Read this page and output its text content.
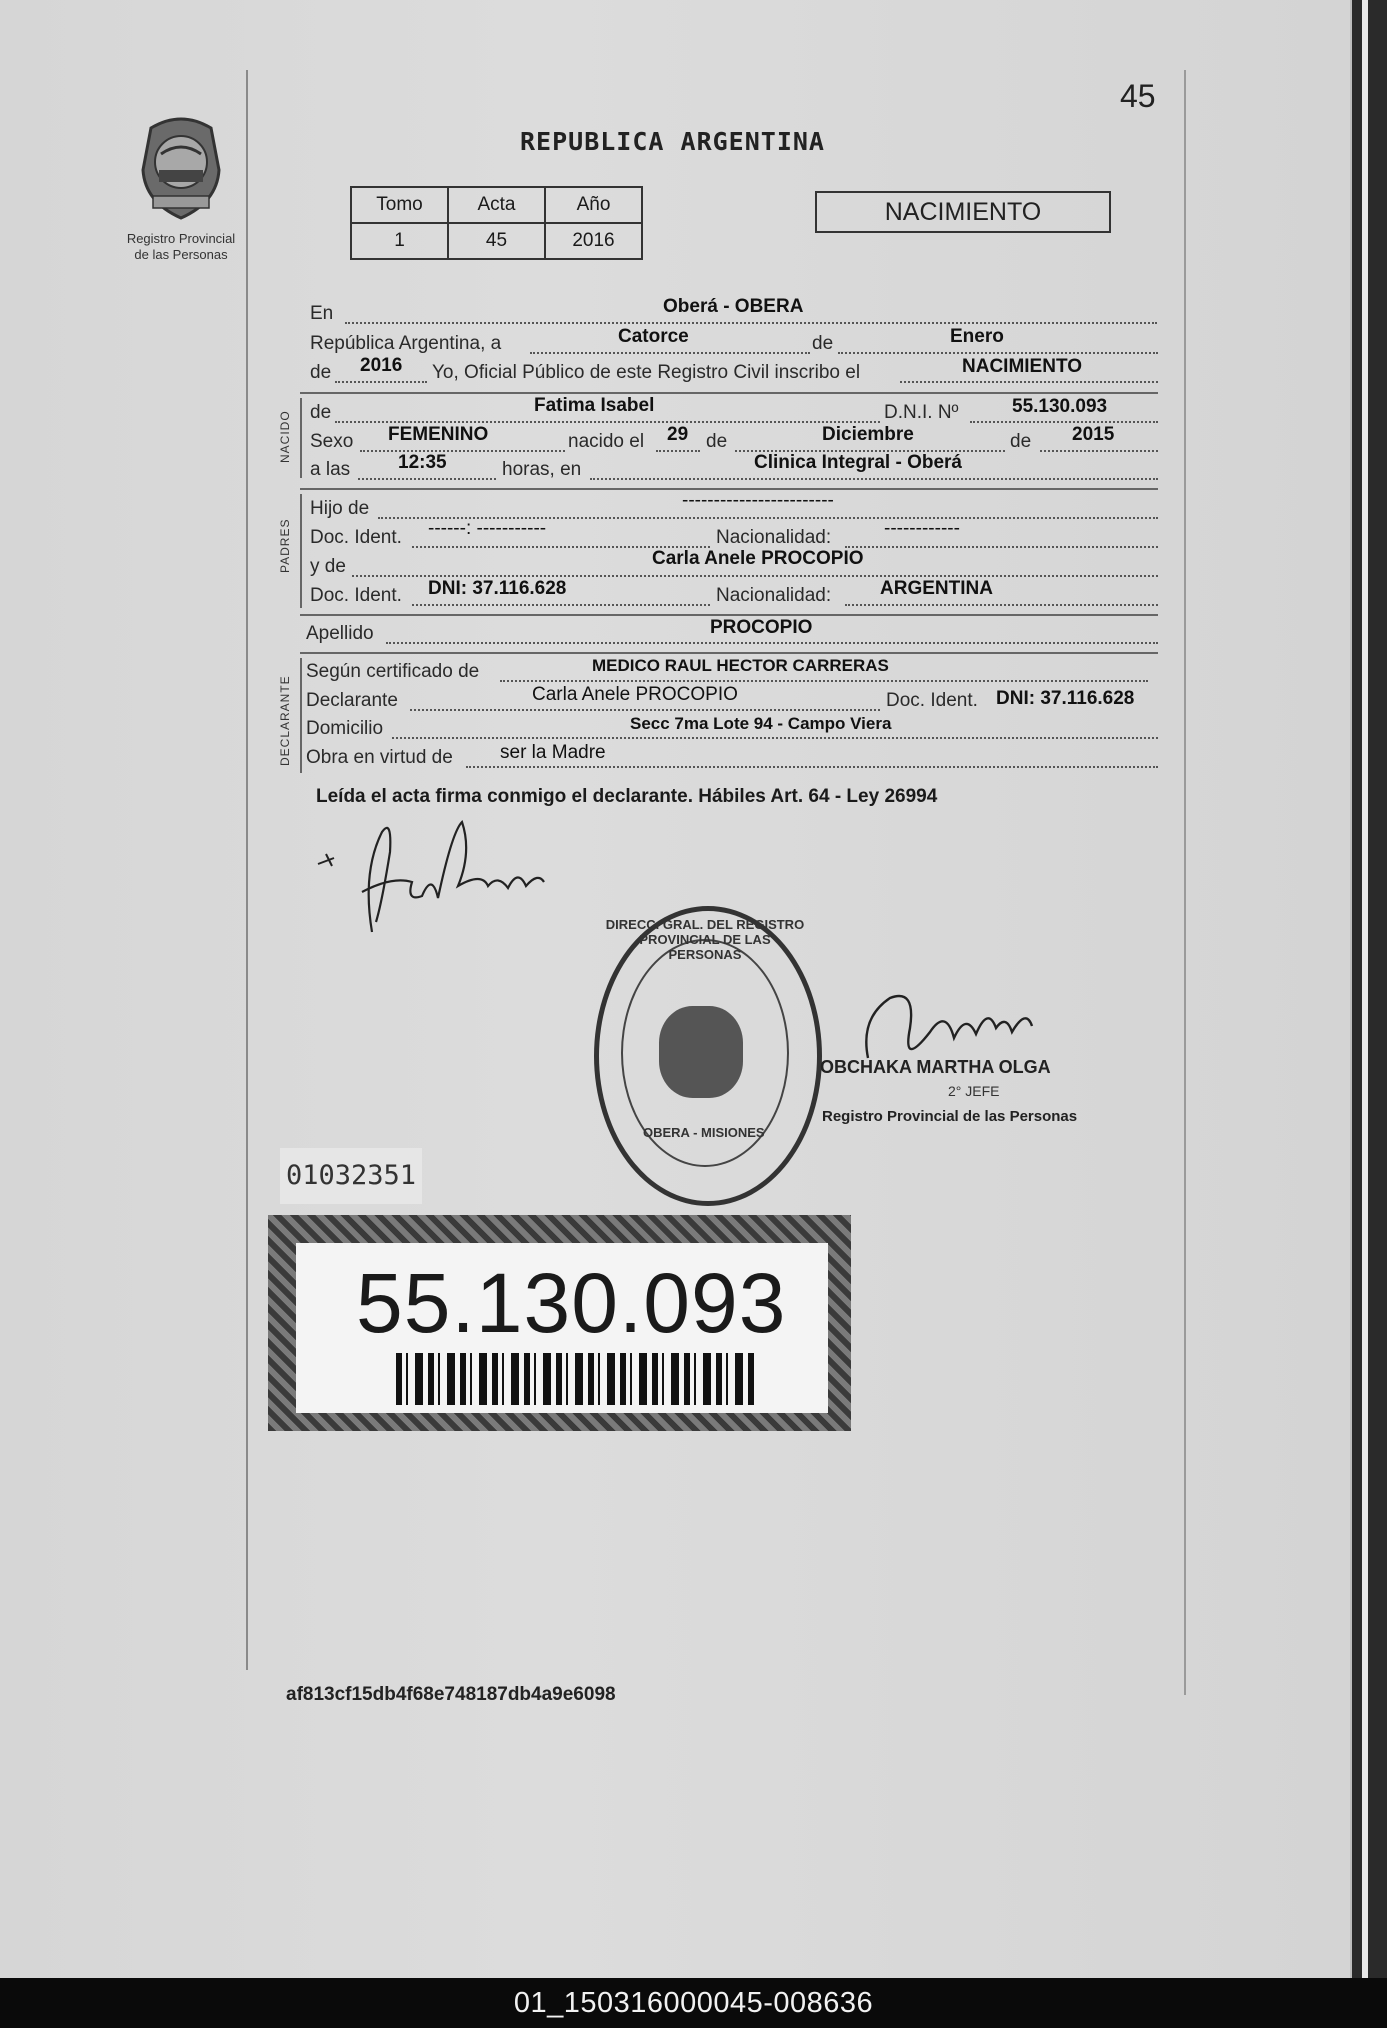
45
Registro Provincial
de las Personas
REPUBLICA ARGENTINA
Tomo	Acta	Año
1	45	2016
NACIMIENTO
En	Oberá - OBERA
República Argentina, a	Catorce	de	Enero
de 2016 Yo, Oficial Público de este Registro Civil inscribo el	NACIMIENTO
NACIDO de	Fatima Isabel	D.N.I. Nº	55.130.093
Sexo FEMENINO	nacido el 29 de	Diciembre	de 2015
a las	12:35	horas, en	Clinica Integral - Oberá
PADRES
Hijo de	------------------------
Doc. Ident. ------: -----------	Nacionalidad:	------------
y de	Carla Anele PROCOPIO
Doc. Ident. DNI: 37.116.628	Nacionalidad:	ARGENTINA
Apellido	PROCOPIO
DECLARANTE
Según certificado de	MEDICO RAUL HECTOR CARRERAS
Declarante	Carla Anele PROCOPIO	Doc. Ident. DNI: 37.116.628
Domicilio	Secc 7ma Lote 94 - Campo Viera
Obra en virtud de ser la Madre
Leída el acta firma conmigo el declarante. Hábiles Art. 64 - Ley 26994
DIRECC. GRAL. DEL REGISTRO PROVINCIAL DE LAS PERSONAS
OBERA - MISIONES
OBCHAKA MARTHA OLGA
2° JEFE
Registro Provincial de las Personas
01032351
55.130.093
af813cf15db4f68e748187db4a9e6098
01_150316000045-008636
